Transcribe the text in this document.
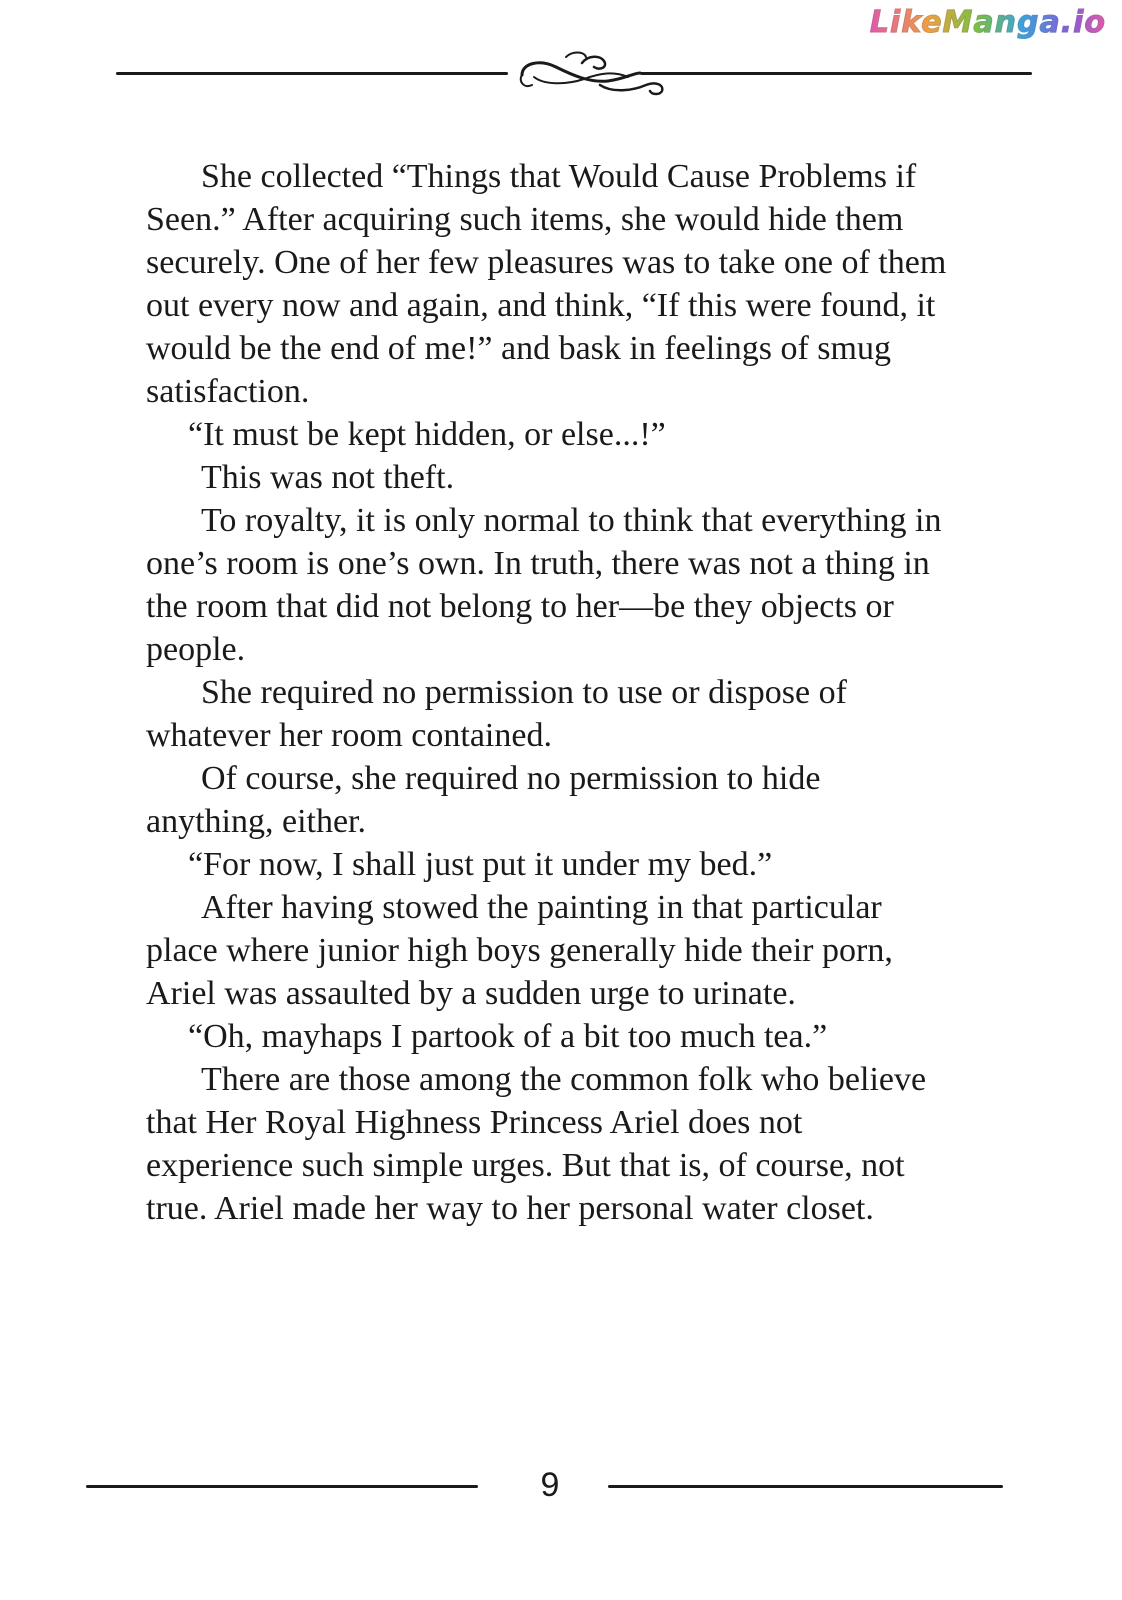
LikeManga.io

She collected “Things that Would Cause Problems if Seen.” After acquiring such items, she would hide them securely. One of her few pleasures was to take one of them out every now and again, and think, “If this were found, it would be the end of me!” and bask in feelings of smug satisfaction.

“It must be kept hidden, or else...!”

This was not theft.

To royalty, it is only normal to think that everything in one’s room is one’s own. In truth, there was not a thing in the room that did not belong to her—be they objects or people.

She required no permission to use or dispose of whatever her room contained.

Of course, she required no permission to hide anything, either.

“For now, I shall just put it under my bed.”

After having stowed the painting in that particular place where junior high boys generally hide their porn, Ariel was assaulted by a sudden urge to urinate.

“Oh, mayhaps I partook of a bit too much tea.”

There are those among the common folk who believe that Her Royal Highness Princess Ariel does not experience such simple urges. But that is, of course, not true. Ariel made her way to her personal water closet.

9
